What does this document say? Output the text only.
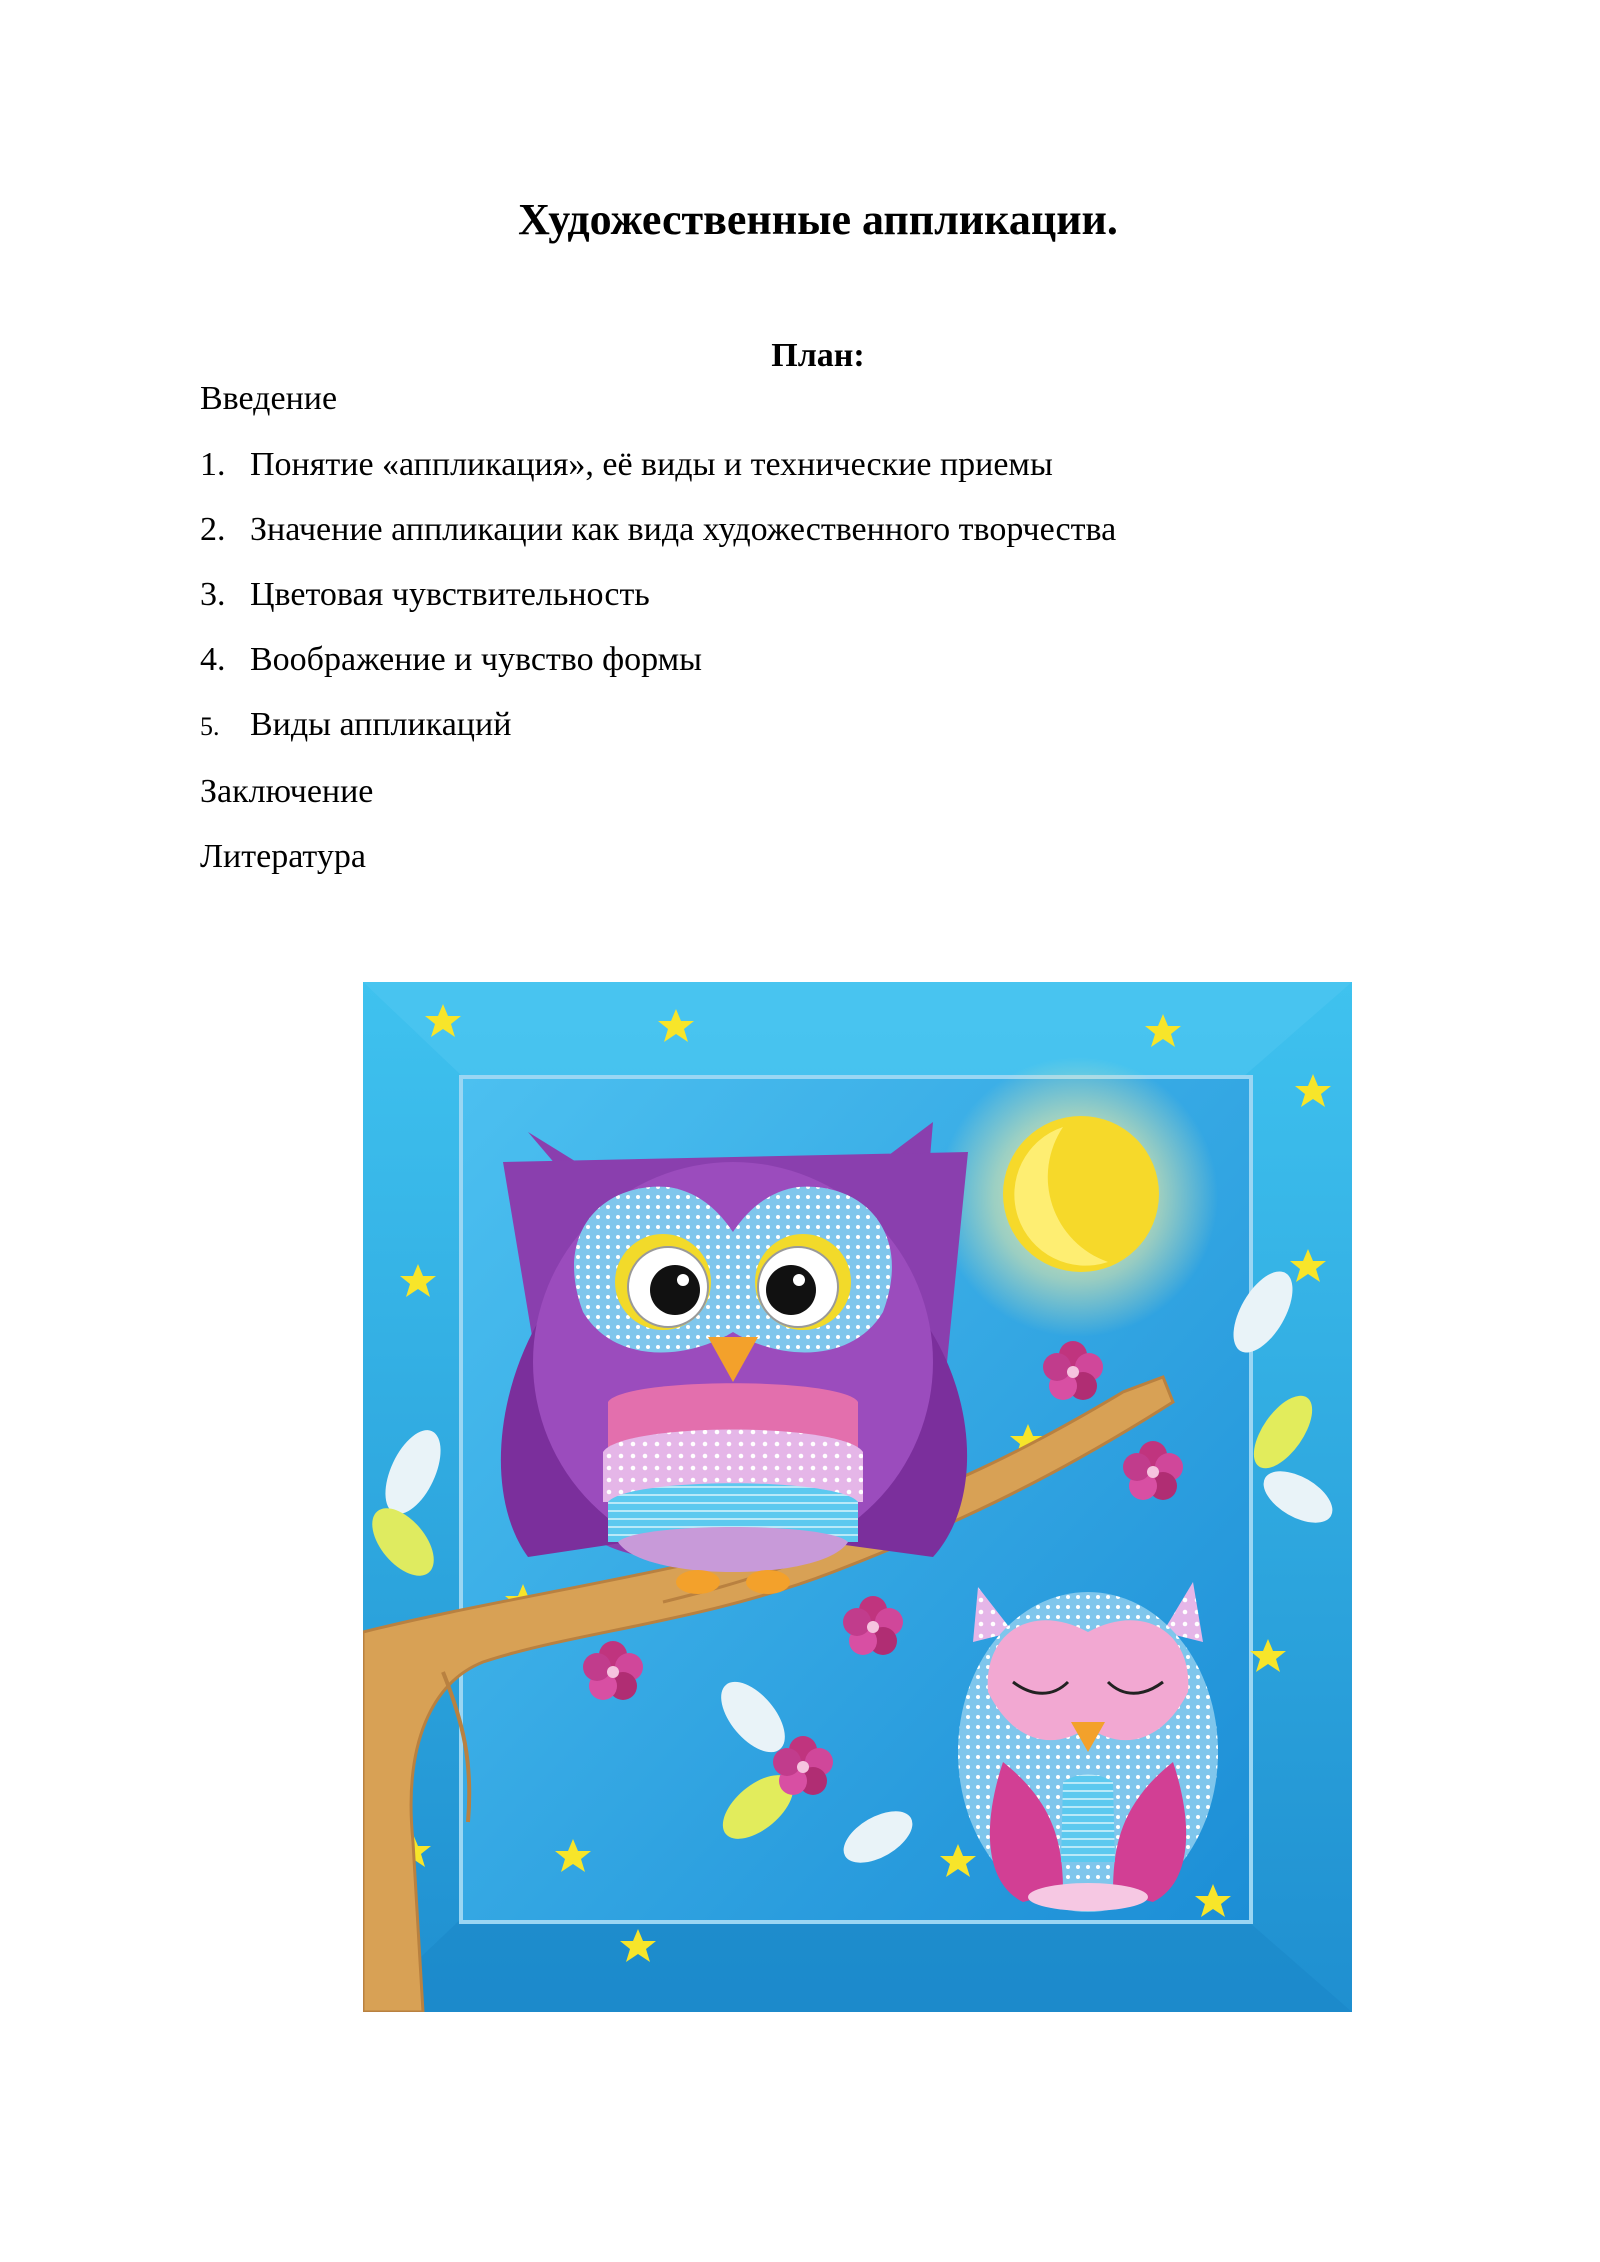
Художественные аппликации.
План:
Введение
1. Понятие «аппликация», её виды и технические приемы
2. Значение аппликации как вида художественного творчества
3. Цветовая чувствительность
4. Воображение и чувство формы
5. Виды аппликаций
Заключение
Литература
